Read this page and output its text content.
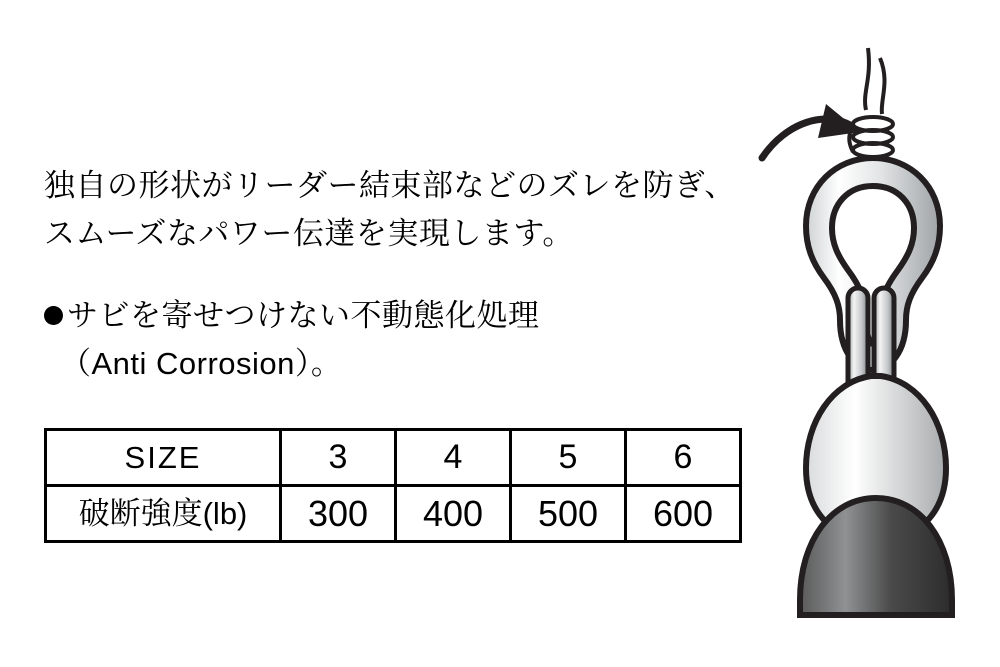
独自の形状がリーダー結束部などのズレを防ぎ、
スムーズなパワー伝達を実現します。
サビを寄せつけない不動態化処理
（Anti Corrosion）。
SIZE	3	4	5	6
破断強度(lb)	300	400	500	600
